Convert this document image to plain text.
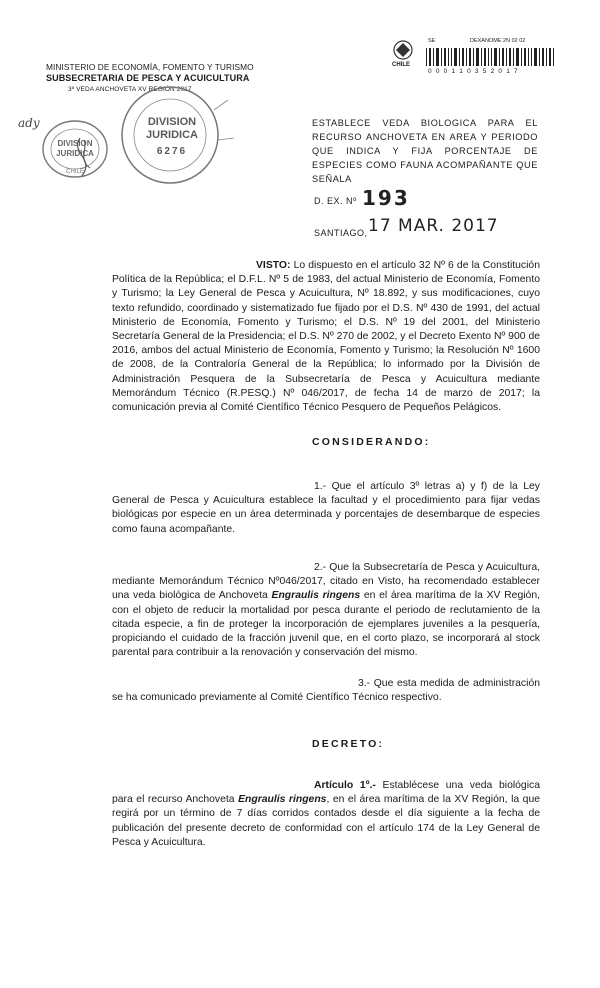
MINISTERIO DE ECONOMÍA, FOMENTO Y TURISMO
SUBSECRETARIA DE PESCA Y ACUICULTURA
3ª VEDA ANCHOVETA XV REGIÓN 2017
ady
DIVISION
JURIDICA
CHILE
DIVISION
JURIDICA
6276
CHILE
SE	DEXANOME 2N 02 02
0 0 0 1 1 0 3 5 2 0 1 7
ESTABLECE VEDA BIOLOGICA PARA EL RECURSO ANCHOVETA EN AREA Y PERIODO QUE INDICA Y FIJA PORCENTAJE DE ESPECIES COMO FAUNA ACOMPAÑANTE QUE SEÑALA
D. EX. Nº 193
SANTIAGO, 17 MAR. 2017
VISTO: Lo dispuesto en el artículo 32 Nº 6 de la Constitución Política de la República; el D.F.L. Nº 5 de 1983, del actual Ministerio de Economía, Fomento y Turismo; la Ley General de Pesca y Acuicultura, Nº 18.892, y sus modificaciones, cuyo texto refundido, coordinado y sistematizado fue fijado por el D.S. Nº 430 de 1991, del actual Ministerio de Economía, Fomento y Turismo; el D.S. Nº 19 del 2001, del Ministerio Secretaría General de la Presidencia; el D.S. Nº 270 de 2002, y el Decreto Exento Nº 900 de 2016, ambos del actual Ministerio de Economía, Fomento y Turismo; la Resolución Nº 1600 de 2008, de la Contraloría General de la República; lo informado por la División de Administración Pesquera de la Subsecretaría de Pesca y Acuicultura mediante Memorándum Técnico (R.PESQ.) Nº 046/2017, de fecha 14 de marzo de 2017; la comunicación previa al Comité Científico Técnico Pesquero de Pequeños Pelágicos.
CONSIDERANDO:
1.- Que el artículo 3º letras a) y f) de la Ley General de Pesca y Acuicultura establece la facultad y el procedimiento para fijar vedas biológicas por especie en un área determinada y porcentajes de desembarque de especies como fauna acompañante.
2.- Que la Subsecretaría de Pesca y Acuicultura, mediante Memorándum Técnico Nº046/2017, citado en Visto, ha recomendado establecer una veda biológica de Anchoveta Engraulis ringens en el área marítima de la XV Región, con el objeto de reducir la mortalidad por pesca durante el periodo de reclutamiento de la citada especie, a fin de proteger la incorporación de ejemplares juveniles a la pesquería, propiciando el cuidado de la fracción juvenil que, en el corto plazo, se incorporará al stock parental para contribuir a la renovación y conservación del mismo.
3.- Que esta medida de administración se ha comunicado previamente al Comité Científico Técnico respectivo.
DECRETO:
Artículo 1º.- Establécese una veda biológica para el recurso Anchoveta Engraulis ringens, en el área marítima de la XV Región, la que regirá por un término de 7 días corridos contados desde el día siguiente a la fecha de publicación del presente decreto de conformidad con el artículo 174 de la Ley General de Pesca y Acuicultura.
